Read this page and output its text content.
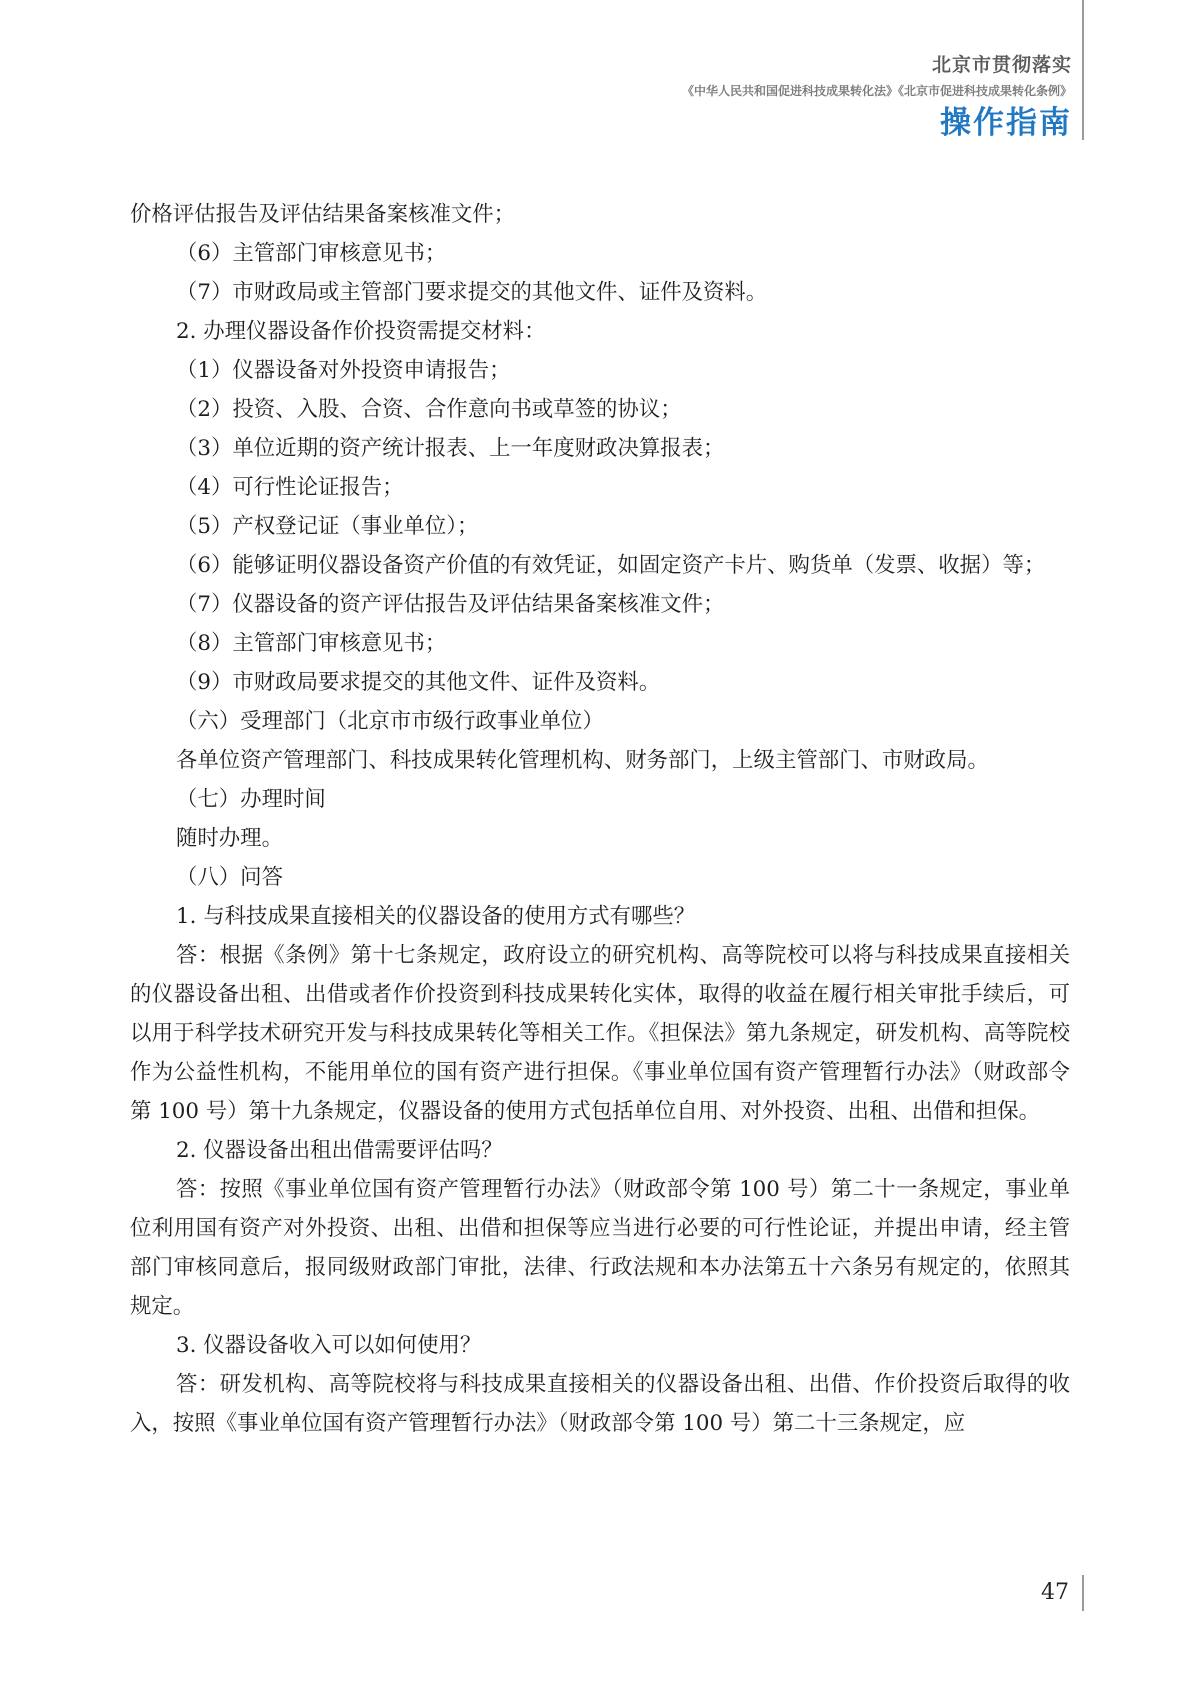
北京市贯彻落实
《中华人民共和国促进科技成果转化法》《北京市促进科技成果转化条例》
操作指南

价格评估报告及评估结果备案核准文件；

（6）主管部门审核意见书；

（7）市财政局或主管部门要求提交的其他文件、证件及资料。

2. 办理仪器设备作价投资需提交材料：

（1）仪器设备对外投资申请报告；

（2）投资、入股、合资、合作意向书或草签的协议；

（3）单位近期的资产统计报表、上一年度财政决算报表；

（4）可行性论证报告；

（5）产权登记证（事业单位）；

（6）能够证明仪器设备资产价值的有效凭证，如固定资产卡片、购货单（发票、收据）等；

（7）仪器设备的资产评估报告及评估结果备案核准文件；

（8）主管部门审核意见书；

（9）市财政局要求提交的其他文件、证件及资料。

（六）受理部门（北京市市级行政事业单位）

各单位资产管理部门、科技成果转化管理机构、财务部门，上级主管部门、市财政局。

（七）办理时间

随时办理。

（八）问答

1. 与科技成果直接相关的仪器设备的使用方式有哪些？

答：根据《条例》第十七条规定，政府设立的研究机构、高等院校可以将与科技成果直接相关的仪器设备出租、出借或者作价投资到科技成果转化实体，取得的收益在履行相关审批手续后，可以用于科学技术研究开发与科技成果转化等相关工作。《担保法》第九条规定，研发机构、高等院校作为公益性机构，不能用单位的国有资产进行担保。《事业单位国有资产管理暂行办法》（财政部令第 100 号）第十九条规定，仪器设备的使用方式包括单位自用、对外投资、出租、出借和担保。

2. 仪器设备出租出借需要评估吗？

答：按照《事业单位国有资产管理暂行办法》（财政部令第 100 号）第二十一条规定，事业单位利用国有资产对外投资、出租、出借和担保等应当进行必要的可行性论证，并提出申请，经主管部门审核同意后，报同级财政部门审批，法律、行政法规和本办法第五十六条另有规定的，依照其规定。

3. 仪器设备收入可以如何使用？

答：研发机构、高等院校将与科技成果直接相关的仪器设备出租、出借、作价投资后取得的收入，按照《事业单位国有资产管理暂行办法》（财政部令第 100 号）第二十三条规定，应

47
